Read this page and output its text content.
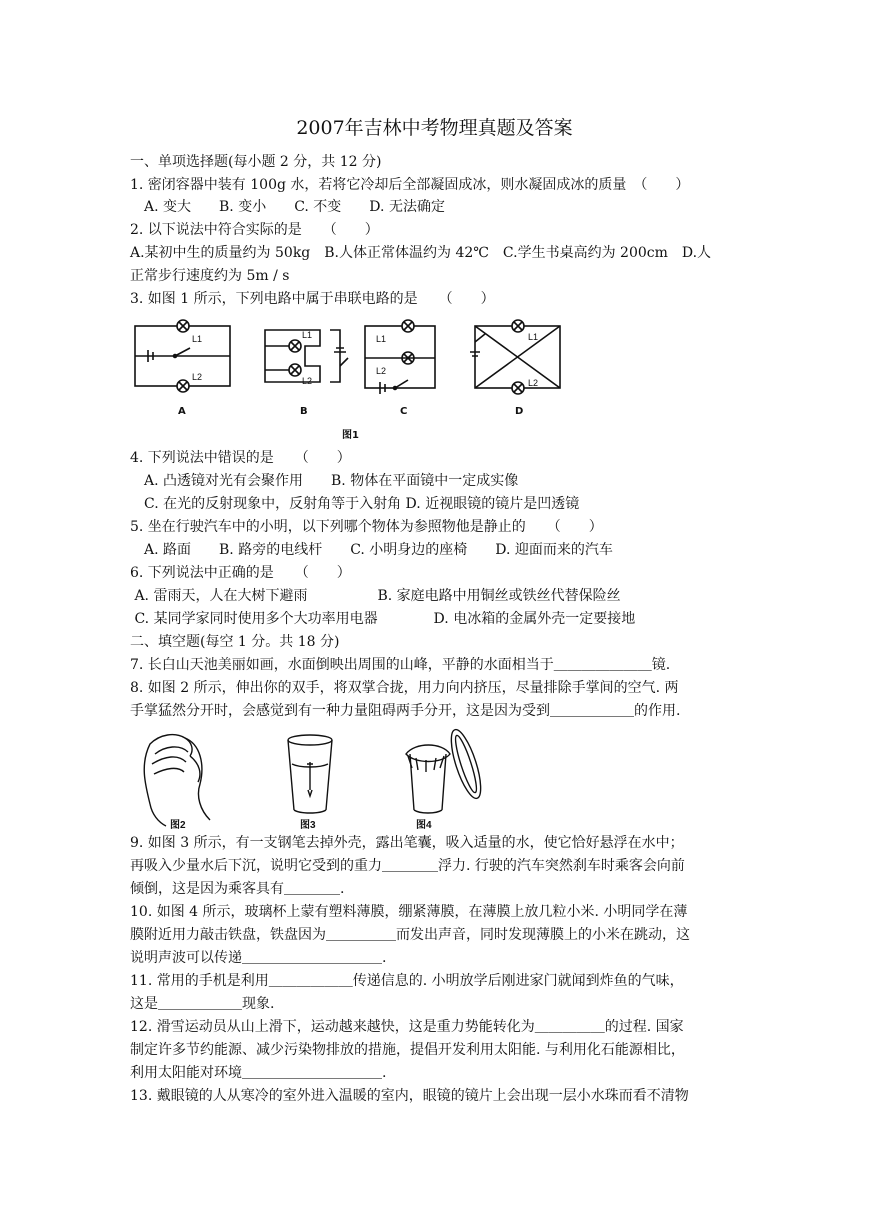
2007年吉林中考物理真题及答案
一、单项选择题(每小题 2 分，共 12 分)
1. 密闭容器中装有 100g 水，若将它冷却后全部凝固成冰，则水凝固成冰的质量　（　　）
　A. 变大　　B. 变小　　C. 不变　　D. 无法确定
2. 以下说法中符合实际的是　　（　　）
A.某初中生的质量约为 50kg　B.人体正常体温约为 42℃　C.学生书桌高约为 200cm　D.人
正常步行速度约为 5m / s
3. 如图 1 所示，下列电路中属于串联电路的是　　（　　）
L1
L2
L1
L2
L1
L2
L1
L2
A	B	C	D
图1
4. 下列说法中错误的是　　（　　）
　A. 凸透镜对光有会聚作用　　B. 物体在平面镜中一定成实像
　C. 在光的反射现象中，反射角等于入射角 D. 近视眼镜的镜片是凹透镜
5. 坐在行驶汽车中的小明，以下列哪个物体为参照物他是静止的　　（　　）
　A. 路面　　B. 路旁的电线杆　　C. 小明身边的座椅　　D. 迎面而来的汽车
6. 下列说法中正确的是　　（　　）
A. 雷雨天，人在大树下避雨　　　　　B. 家庭电路中用铜丝或铁丝代替保险丝
C. 某同学家同时使用多个大功率用电器　　　　D. 电冰箱的金属外壳一定要接地
二、填空题(每空 1 分。共 18 分)
7. 长白山天池美丽如画，水面倒映出周围的山峰，平静的水面相当于＿＿＿＿＿＿＿镜.
8. 如图 2 所示，伸出你的双手，将双掌合拢，用力向内挤压，尽量排除手掌间的空气. 两
手掌猛然分开时，会感觉到有一种力量阻碍两手分开，这是因为受到＿＿＿＿＿＿的作用.
图2	图3	图4
9. 如图 3 所示，有一支钢笔去掉外壳，露出笔囊，吸入适量的水，使它恰好悬浮在水中；
再吸入少量水后下沉，说明它受到的重力＿＿＿＿浮力. 行驶的汽车突然刹车时乘客会向前
倾倒，这是因为乘客具有＿＿＿＿.
10. 如图 4 所示，玻璃杯上蒙有塑料薄膜，绷紧薄膜，在薄膜上放几粒小米. 小明同学在薄
膜附近用力敲击铁盘，铁盘因为＿＿＿＿＿而发出声音，同时发现薄膜上的小米在跳动，这
说明声波可以传递＿＿＿＿＿＿＿＿＿＿.
11. 常用的手机是利用＿＿＿＿＿＿传递信息的. 小明放学后刚进家门就闻到炸鱼的气味，
这是＿＿＿＿＿＿现象.
12. 滑雪运动员从山上滑下，运动越来越快，这是重力势能转化为＿＿＿＿＿的过程. 国家
制定许多节约能源、减少污染物排放的措施，提倡开发利用太阳能. 与利用化石能源相比，
利用太阳能对环境＿＿＿＿＿＿＿＿＿＿.
13. 戴眼镜的人从寒冷的室外进入温暖的室内，眼镜的镜片上会出现一层小水珠而看不清物
